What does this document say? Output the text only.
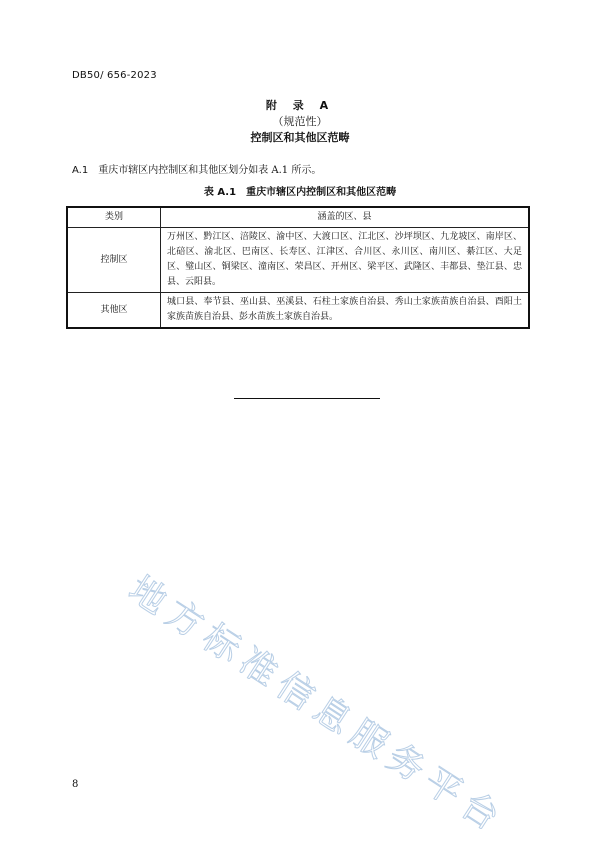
DB50/ 656-2023
附 录 A
（规范性）
控制区和其他区范畴
A.1 重庆市辖区内控制区和其他区划分如表 A.1 所示。
表 A.1 重庆市辖区内控制区和其他区范畴
类别	涵盖的区、县
控制区	万州区、黔江区、涪陵区、渝中区、大渡口区、江北区、沙坪坝区、九龙坡区、南岸区、北碚区、渝北区、巴南区、长寿区、江津区、合川区、永川区、南川区、綦江区、大足区、璧山区、铜梁区、潼南区、荣昌区、开州区、梁平区、武隆区、丰都县、垫江县、忠县、云阳县。
其他区	城口县、奉节县、巫山县、巫溪县、石柱土家族自治县、秀山土家族苗族自治县、酉阳土家族苗族自治县、彭水苗族土家族自治县。
地方标准信息服务平台
8
